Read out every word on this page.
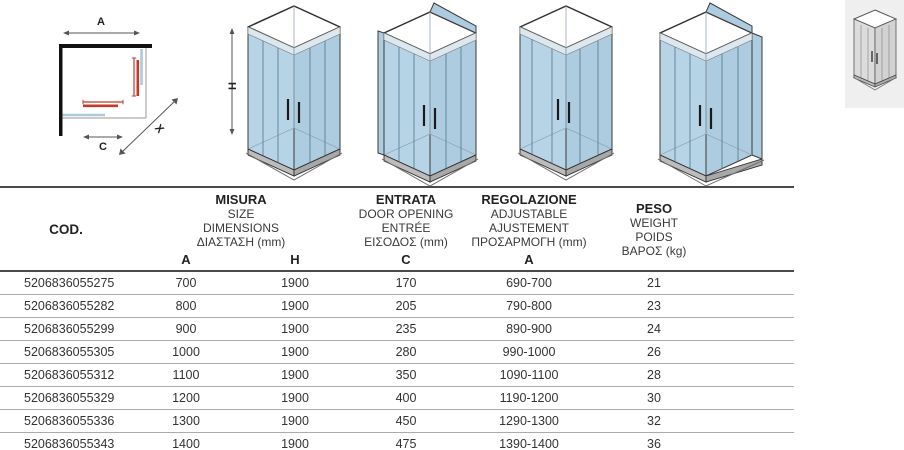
A
C
X
H
COD.
MISURA
SIZE
DIMENSIONS
ΔΙΑΣΤΑΣΗ (mm)
A	H
ENTRATA
DOOR OPENING
ENTRÉE
ΕΙΣΟΔΟΣ (mm)
C
REGOLAZIONE
ADJUSTABLE
AJUSTEMENT
ΠΡΟΣΑΡΜΟΓΗ (mm)
A
PESO
WEIGHT
POIDS
ΒΑΡΟΣ (kg)
5206836055275	700	1900	170	690-700	21
5206836055282	800	1900	205	790-800	23
5206836055299	900	1900	235	890-900	24
5206836055305	1000	1900	280	990-1000	26
5206836055312	1100	1900	350	1090-1100	28
5206836055329	1200	1900	400	1190-1200	30
5206836055336	1300	1900	450	1290-1300	32
5206836055343	1400	1900	475	1390-1400	36
